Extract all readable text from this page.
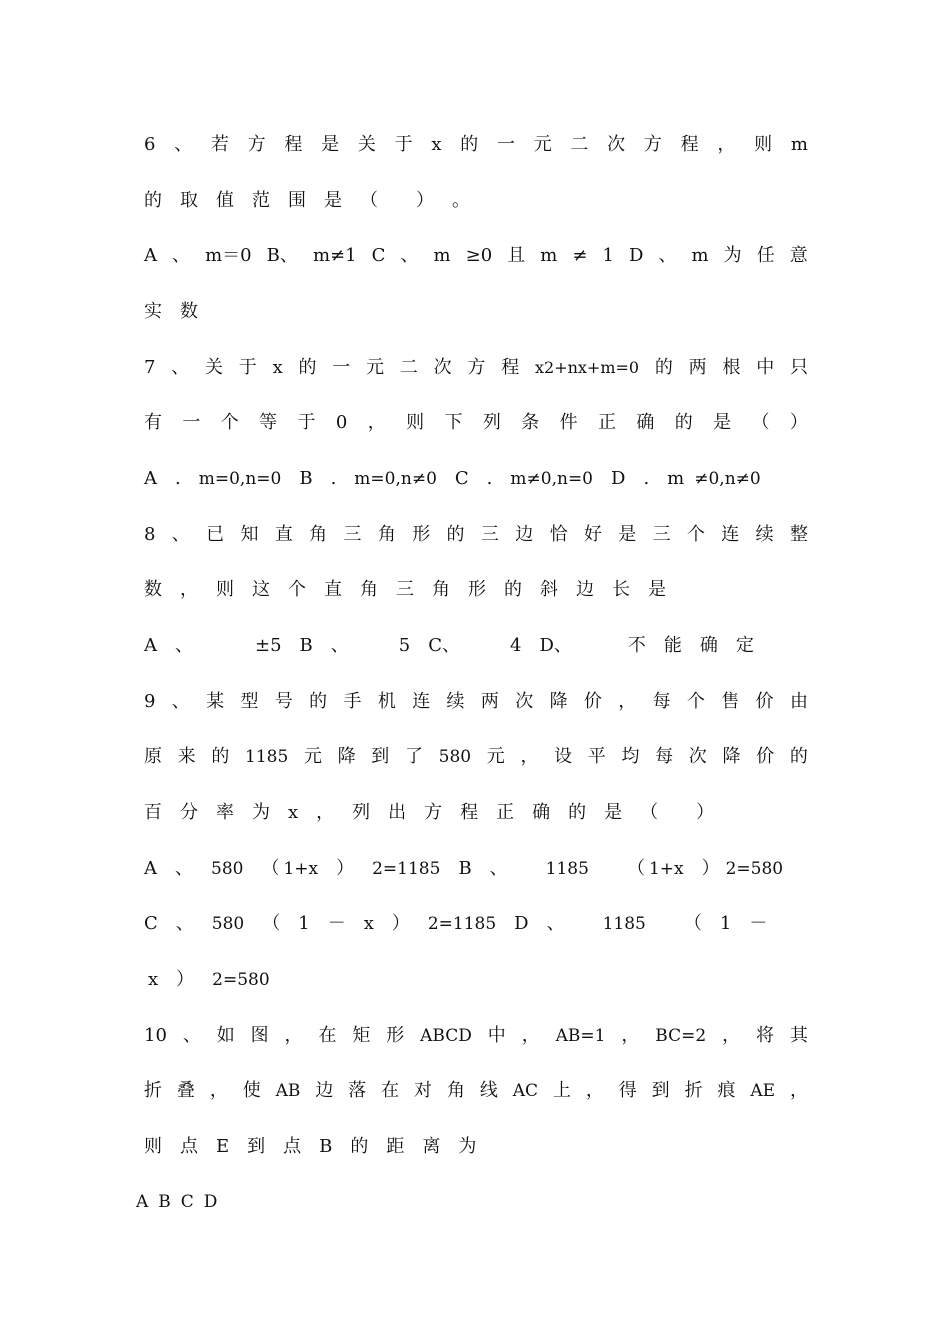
6 、 若 方 程 是 关 于 x 的 一 元 二 次 方 程 ， 则 m
的 取 值 范 围 是 （ ） 。
A 、 m＝0 B、 m≠1 C 、 m ≥0 且 m ≠ 1 D 、 m 为 任 意
实 数
7 、 关 于 x 的 一 元 二 次 方 程 x2+nx+m=0 的 两 根 中 只
有 一 个 等 于 0 ， 则 下 列 条 件 正 确 的 是 （ ）
A . m=0,n=0 B . m=0,n≠0 C . m≠0,n=0 D . m ≠0,n≠0
8 、 已 知 直 角 三 角 形 的 三 边 恰 好 是 三 个 连 续 整
数 ， 则 这 个 直 角 三 角 形 的 斜 边 长 是
A 、	±5 B 、	5 C、	4 D、	不 能 确 定
9 、 某 型 号 的 手 机 连 续 两 次 降 价 ， 每 个 售 价 由
原 来 的 1185 元 降 到 了 580 元 ， 设 平 均 每 次 降 价 的
百 分 率 为 x ， 列 出 方 程 正 确 的 是 （ ）
A 、 580 （ 1+x ） 2=1185 B 、 1185 （ 1+x ） 2=580
C 、 580 （ 1 － x ） 2=1185 D 、 1185 （ 1 －
x ） 2=580
10 、 如 图 ， 在 矩 形 ABCD 中 ， AB=1 ， BC=2 ， 将 其
折 叠 ， 使 AB 边 落 在 对 角 线 AC 上 ， 得 到 折 痕 AE ，
则 点 E 到 点 B 的 距 离 为
A B C D
